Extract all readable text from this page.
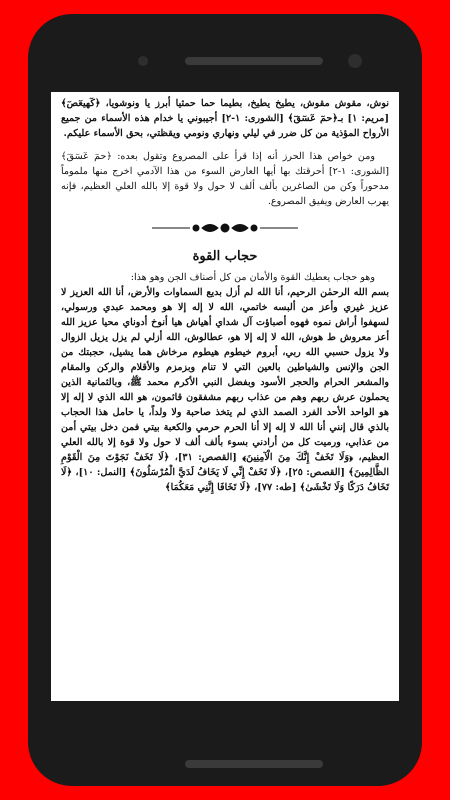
نوش، مقوش مقوش، يطيخ يطيخ، بطيما حما حمثيا أبرز يا ونوشويا، ﴿كٓهيعٓصٓ﴾ [مريم: ١] بـ﴿حمٓ عٓسٓقٓ﴾ [الشورى: ١-٢] أجيبوني يا خدام هذه الأسماء من جميع الأرواح المؤذية من كل ضرر في ليلي ونهاري ونومي ويقظتي، بحق الأسماء عليكم.

ومن خواص هذا الحرز أنه إذا قرأ على المصروع وتقول بعده: ﴿حمٓ عٓسٓقٓ﴾ [الشورى: ١-٢] أحرقتك بها أيها العارض السوء من هذا الآدمي اخرج منها ملموماً مدحوراً وكن من الصاغرين بألف ألف لا حول ولا قوة إلا بالله العلي العظيم، فإنه يهرب العارض ويفيق المصروع.

حجاب القوة

وهو حجاب يعطيك القوة والأمان من كل أصناف الجن وهو هذا:

بسم الله الرحمٰن الرحيم، أنا الله لم أزل بديع السماوات والأرض، أنا الله العزيز لا عزيز غيري وأعز من ألبسه خاتمي، الله لا إله إلا هو ومحمد عبدي ورسولي، لسهفوا أراش نموه فهوه أصباؤت آل شداي أهياش هيا أنوخ أدوناي محيا عزيز الله أعز معروش ط هوش، الله لا إله إلا هو، عطالوش، الله أزلي لم يزل يزيل الزوال ولا يزول حسبي الله ربي، أبروم خيطوم هيطوم مرخاش هما يشيل، حجبتك من الجن والإنس والشياطين بالعين التي لا تنام وبزمزم والأقلام والركن والمقام والمشعر الحرام والحجر الأسود وبفضل النبي الأكرم محمد ﷺ، وبالثمانية الذين يحملون عرش ربهم وهم من عذاب ربهم مشفقون قائمون، هو الله الذي لا إله إلا هو الواحد الأحد الفرد الصمد الذي لم يتخذ صاحبة ولا ولداً، يا حامل هذا الحجاب بالذي قال إنني أنا الله لا إله إلا أنا الحرم حرمي والكعبة بيتي فمن دخل بيتي أمن من عذابي، ورميت كل من أرادني بسوء بألف ألف لا حول ولا قوة إلا بالله العلي العظيم، ﴿وَلَا تَخَفْ إِنَّكَ مِنَ الْآمِنِينَ﴾ [القصص: ٣١]، ﴿لَا تَخَفْ نَجَوْتَ مِنَ الْقَوْمِ الظَّالِمِينَ﴾ [القصص: ٢٥]، ﴿لَا تَخَفْ إِنِّي لَا يَخَافُ لَدَيَّ الْمُرْسَلُونَ﴾ [النمل: ١٠]، ﴿لَا تَخَافُ دَرَكًا وَلَا تَخْشَىٰ﴾ [طه: ٧٧]، ﴿لَا تَخَافَا إِنَّنِي مَعَكُمَا﴾
